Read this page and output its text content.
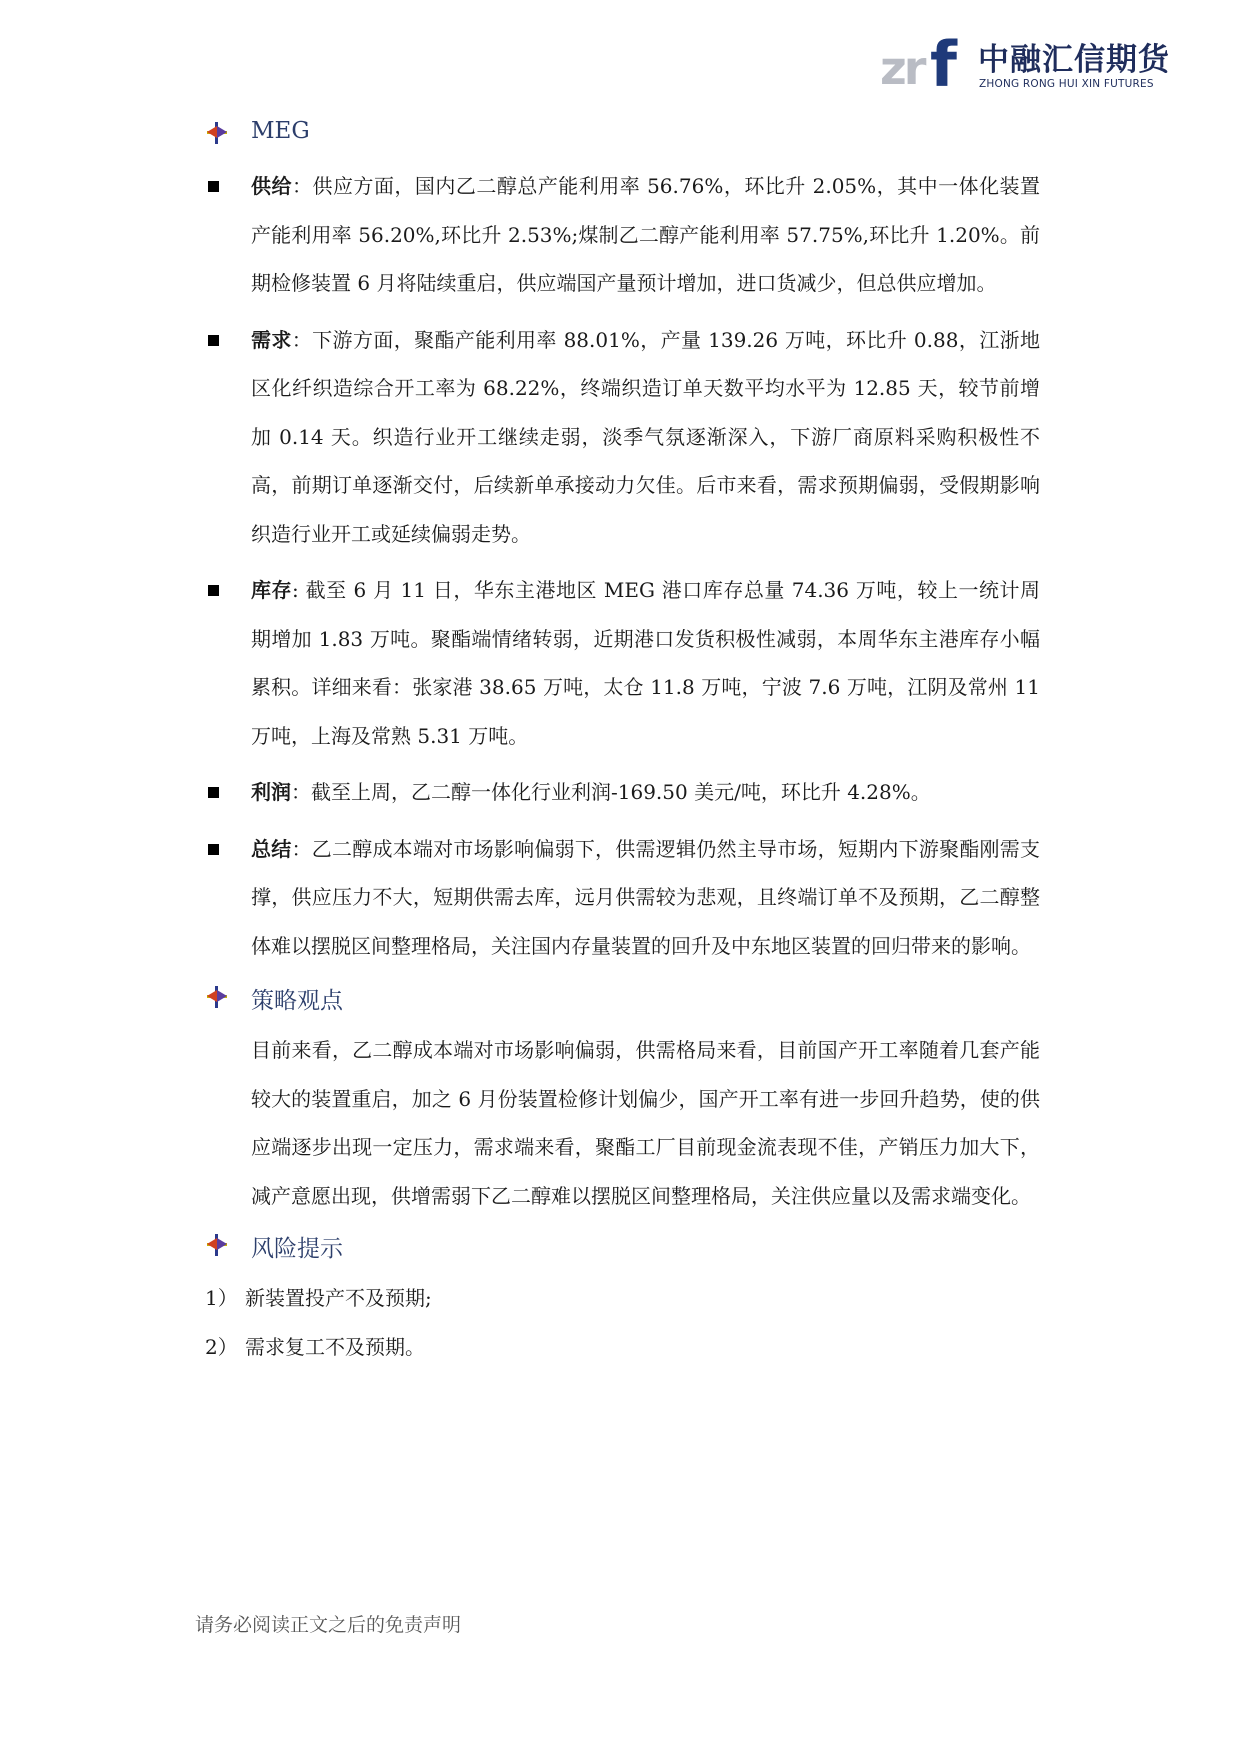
zr f 中融汇信期货
ZHONG RONG HUI XIN FUTURES
MEG

供给：供应方面，国内乙二醇总产能利用率 56.76%，环比升 2.05%，其中一体化装置产能利用率 56.20%,环比升 2.53%;煤制乙二醇产能利用率 57.75%,环比升 1.20%。前期检修装置 6 月将陆续重启，供应端国产量预计增加，进口货减少，但总供应增加。

需求：下游方面，聚酯产能利用率 88.01%，产量 139.26 万吨，环比升 0.88，江浙地区化纤织造综合开工率为 68.22%，终端织造订单天数平均水平为 12.85 天，较节前增加 0.14 天。织造行业开工继续走弱，淡季气氛逐渐深入，下游厂商原料采购积极性不高，前期订单逐渐交付，后续新单承接动力欠佳。后市来看，需求预期偏弱，受假期影响织造行业开工或延续偏弱走势。

库存: 截至 6 月 11 日，华东主港地区 MEG 港口库存总量 74.36 万吨，较上一统计周期增加 1.83 万吨。聚酯端情绪转弱，近期港口发货积极性减弱，本周华东主港库存小幅累积。详细来看：张家港 38.65 万吨，太仓 11.8 万吨，宁波 7.6 万吨，江阴及常州 11 万吨，上海及常熟 5.31 万吨。

利润：截至上周，乙二醇一体化行业利润-169.50 美元/吨，环比升 4.28%。

总结：乙二醇成本端对市场影响偏弱下，供需逻辑仍然主导市场，短期内下游聚酯刚需支撑，供应压力不大，短期供需去库，远月供需较为悲观，且终端订单不及预期，乙二醇整体难以摆脱区间整理格局，关注国内存量装置的回升及中东地区装置的回归带来的影响。

策略观点

目前来看，乙二醇成本端对市场影响偏弱，供需格局来看，目前国产开工率随着几套产能较大的装置重启，加之 6 月份装置检修计划偏少，国产开工率有进一步回升趋势，使的供应端逐步出现一定压力，需求端来看，聚酯工厂目前现金流表现不佳，产销压力加大下，减产意愿出现，供增需弱下乙二醇难以摆脱区间整理格局，关注供应量以及需求端变化。

风险提示
1） 新装置投产不及预期;
2） 需求复工不及预期。
请务必阅读正文之后的免责声明
